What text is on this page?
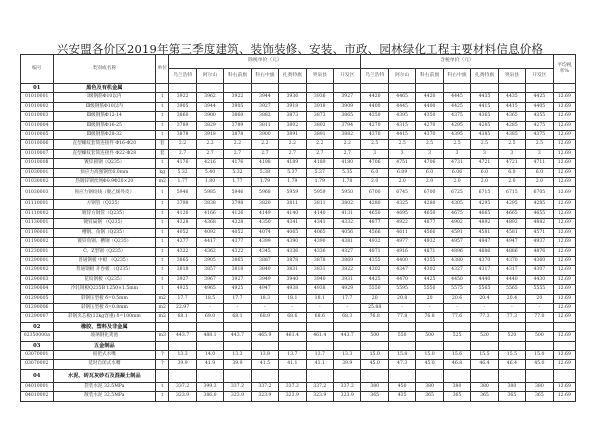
兴安盟各价区2019年第三季度建筑、装饰装修、安装、市政、园林绿化工程主要材料信息价格
编号	类别或名称	单位	除税单价（元）							含税单价（元）							平均税率%
			乌兰浩特	阿尔山	科右前旗	科右中旗	扎赉特旗	突泉县	开发区	乌兰浩特	阿尔山	科右前旗	科右中旗	扎赉特旗	突泉县	开发区	
01	黑色及有机金属																
01010001	Ⅰ级钢筋Φ10以内	t	3922	3962	3922	3944	3936	3936	3927	4420	4465	4420	4445	4435	4435	4425	12.69
01010002	Ⅲ级钢筋Φ10以内	t	3905	3944	3905	3927	3918	3918	3909	4400	4445	4400	4425	4415	4415	4405	12.69
01010003	Ⅲ级钢筋Φ12-14	t	3860	3900	3860	3882	3873	3873	3865	4350	4395	4350	4375	4365	4365	4355	12.69
01010004	Ⅲ级钢筋Φ16-25	t	3789	3829	3789	3811	3802	3802	3794	4270	4315	4270	4295	4285	4285	4275	12.69
01010005	Ⅲ级钢筋Φ28-32	t	3878	3918	3878	3900	3891	3891	3882	4370	4415	4370	4395	4385	4385	4375	12.69
01010006	直型螺纹套筒连接件 Φ16-Φ20	套	2.2	2.2	2.2	2.2	2.2	2.2	2.2	2.5	2.5	2.5	2.5	2.5	2.5	2.5	12.69
01010007	直型螺纹套筒连接件 Φ22-Φ28	套	2.7	2.7	2.7	2.7	2.7	2.7	2.7	3	3	3	3	3	3	3	12.69
01010008	镀锌圆钢（Q235）	t	4176	4216	4176	4198	4189	4189	4180	4706	4751	4706	4731	4721	4721	4711	12.69
01030001	预应力高强钢丝6.0mm	kg	5.32	5.40	5.32	5.38	5.37	5.37	5.35	6.0	6.09	6.0	6.06	6.0	6.0	6.0	12.69
01030002	热镀锌钢丝网Φ0.9Φ20×20	m2	1.77	1.80	1.77	1.79	1.79	1.79	1.78	2.0	2.0	2.0	2.0	2.0	2.0	2.0	12.69
01030003	预应力钢绞线（聚乙烯外皮）	t	5946	5985	5946	5968	5959	5959	5950	6700	6745	6700	6725	6715	6715	6705	12.69
01110001	方钢管（Q235）	t	3798	3838	3798	3820	3811	3811	3802	4280	4325	4280	4305	4295	4295	4285	12.69
01110002	镀锌方钢管（Q235）	t	4126	4166	4126	4149	4140	4140	4131	4650	4695	4650	4675	4665	4665	4655	12.69
01130001	镀锌扁钢 （Q235）	t	4328	4368	4328	4350	4341	4341	4332	4877	4922	4877	4902	4892	4892	4882	12.69
01190001	槽钢、角钢（Q235）	t	4052	4092	4052	4074	4065	4065	4056	4566	4611	4566	4591	4581	4581	4571	12.69
01190002	镀锌角钢、槽钢（Q235）	t	4377	4417	4377	4399	4390	4390	4381	4932	4977	4932	4957	4947	4947	4937	12.69
01230001	C、Z型钢（Q235）	t	4322	4362	4322	4345	4336	4336	4327	4871	4916	4871	4896	4886	4886	4876	12.69
01290001	普通钢板 中板 （Q235）	t	3865	3905	3865	3887	3878	3878	3869	4355	4400	4355	4380	4370	4370	4360	12.69
01290002	普通钢板 开卷板 （Q235）	t	3818	3857	3818	3840	3831	3831	3822	4302	4347	4302	4327	4317	4317	4307	12.69
01290003	花纹钢板（Q235）	t	3927	3967	3927	3949	3940	3940	3931	4425	4470	4425	4450	4440	4440	4430	12.69
01290004	冷轧钢板Q235B 1250×1.5mm	t	4925	4965	4925	4947	4938	4938	4929	5550	5595	5550	5575	5565	5565	5555	12.69
01290005	彩钢压型板 δ=0.5mm	m2	17.7	18.5	17.7	18.3	18.1	18.1	17.7	20	20.8	20	20.6	20.4	20.4	20	12.69
01290006	彩钢压型板 δ=0.8mm	m2	22.97	-	-	-	-	-	-	25.88	-	-	-	-	-	-	12.69
01290007	彩钢夹芯板(12kg容重) δ=100mm	m2	68.1	69.0	68.1	68.9	68.6	68.6	68.3	76.8	77.8	76.8	77.6	77.3	77.3	77.0	12.69
02	橡胶、塑料及非金属																
02350000a	玻璃钢化粪池	m3	443.7	488.1	443.7	465.9	461.4	461.4	443.7	500	550	500	525	520	520	500	12.69
03	五金制品																
03070001	扳把式水嘴	个	13.3	14.0	13.3	13.8	13.7	13.7	13.3	15.0	15.8	15.0	15.6	15.5	15.5	15.0	12.69
03070002	延时自闭式水嘴	个	39.9	41.9	39.9	41.5	41.1	41.1	39.9	45.0	47.3	45.0	46.8	46.4	46.4	45.0	12.69
04	水泥、砖瓦灰砂石及混凝土制品																
04010001	袋装水泥 32.5MPa	t	337.2	399.3	337.2	337.2	337.2	337.2	337.2	380	450	380	380	380	380	380	12.69
04010002	散装水泥 32.5MPa	t	323.9	386.0	323.9	323.9	323.9	323.9	323.9	365	435	365	365	365	365	365	12.69
